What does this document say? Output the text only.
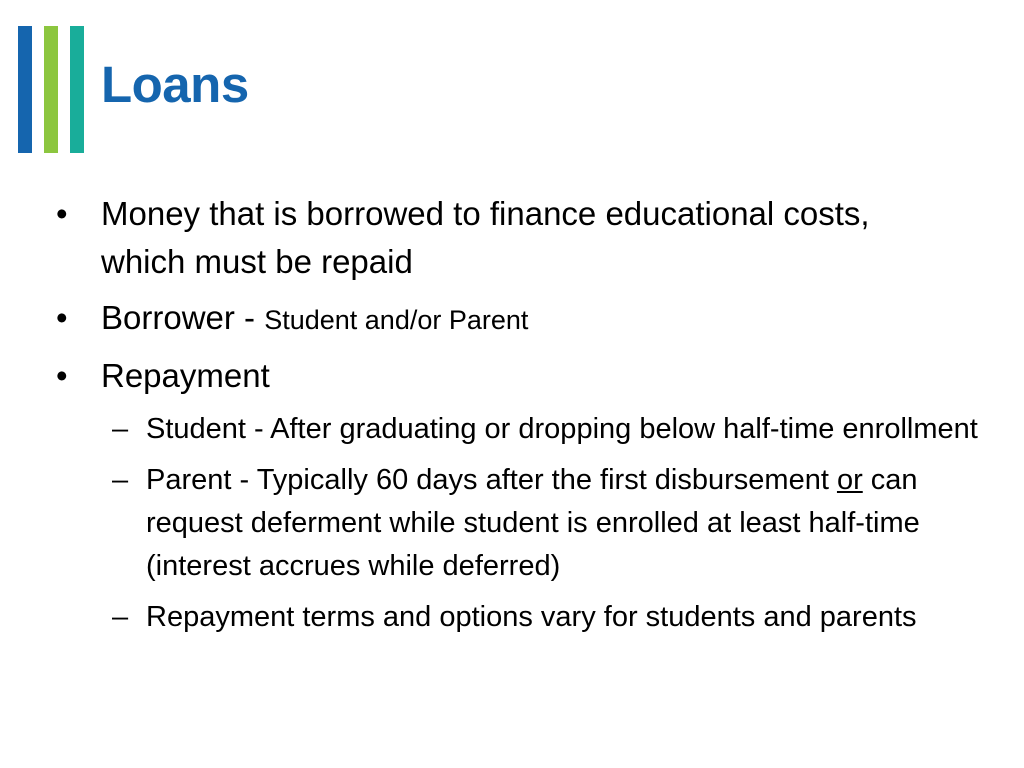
Loans
• Money that is borrowed to finance educational costs, which must be repaid
• Borrower - Student and/or Parent
• Repayment
– Student - After graduating or dropping below half-time enrollment
– Parent - Typically 60 days after the first disbursement or can request deferment while student is enrolled at least half-time (interest accrues while deferred)
– Repayment terms and options vary for students and parents
